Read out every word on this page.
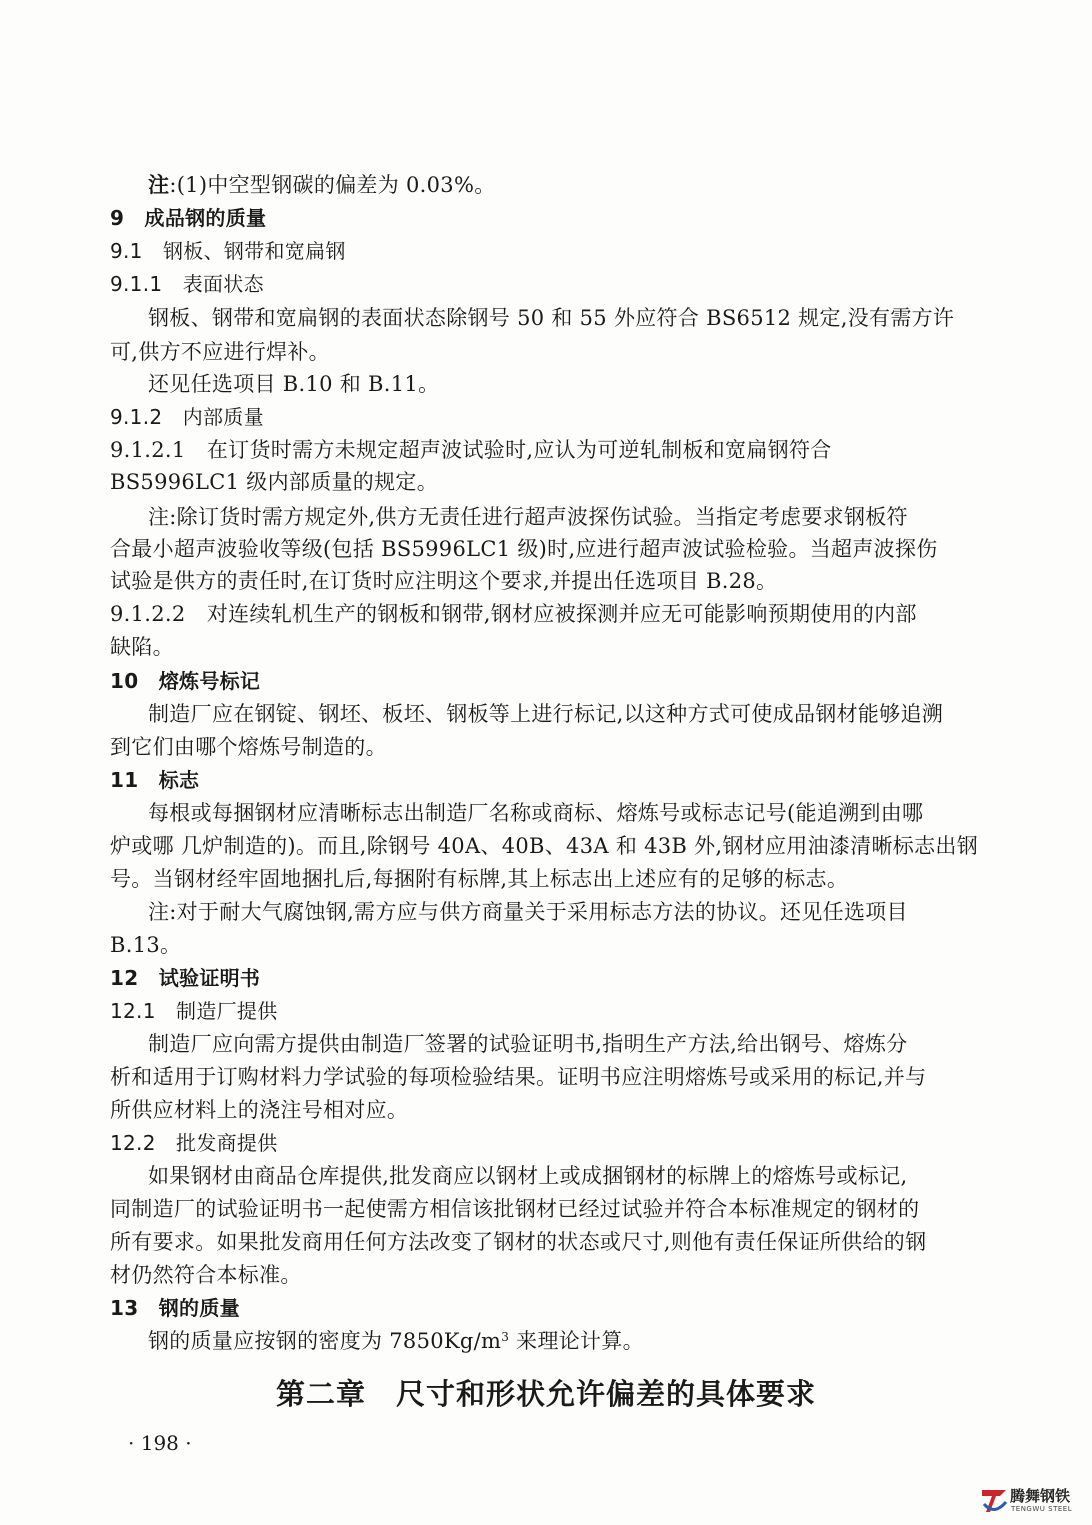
注:(1)中空型钢碳的偏差为 0.03%。
9　成品钢的质量
9.1　钢板、钢带和宽扁钢
9.1.1　表面状态
钢板、钢带和宽扁钢的表面状态除钢号 50 和 55 外应符合 BS6512 规定,没有需方许
可,供方不应进行焊补。
还见任选项目 B.10 和 B.11。
9.1.2　内部质量
9.1.2.1　在订货时需方未规定超声波试验时,应认为可逆轧制板和宽扁钢符合
BS5996LC1 级内部质量的规定。
注:除订货时需方规定外,供方无责任进行超声波探伤试验。当指定考虑要求钢板符
合最小超声波验收等级(包括 BS5996LC1 级)时,应进行超声波试验检验。当超声波探伤
试验是供方的责任时,在订货时应注明这个要求,并提出任选项目 B.28。
9.1.2.2　对连续轧机生产的钢板和钢带,钢材应被探测并应无可能影响预期使用的内部
缺陷。
10　熔炼号标记
制造厂应在钢锭、钢坯、板坯、钢板等上进行标记,以这种方式可使成品钢材能够追溯
到它们由哪个熔炼号制造的。
11　标志
每根或每捆钢材应清晰标志出制造厂名称或商标、熔炼号或标志记号(能追溯到由哪
炉或哪 几炉制造的)。而且,除钢号 40A、40B、43A 和 43B 外,钢材应用油漆清晰标志出钢
号。当钢材经牢固地捆扎后,每捆附有标牌,其上标志出上述应有的足够的标志。
注:对于耐大气腐蚀钢,需方应与供方商量关于采用标志方法的协议。还见任选项目
B.13。
12　试验证明书
12.1　制造厂提供
制造厂应向需方提供由制造厂签署的试验证明书,指明生产方法,给出钢号、熔炼分
析和适用于订购材料力学试验的每项检验结果。证明书应注明熔炼号或采用的标记,并与
所供应材料上的浇注号相对应。
12.2　批发商提供
如果钢材由商品仓库提供,批发商应以钢材上或成捆钢材的标牌上的熔炼号或标记,
同制造厂的试验证明书一起使需方相信该批钢材已经过试验并符合本标准规定的钢材的
所有要求。如果批发商用任何方法改变了钢材的状态或尺寸,则他有责任保证所供给的钢
材仍然符合本标准。
13　钢的质量
钢的质量应按钢的密度为 $7850Kg/m^3$ 来理论计算。
第二章　尺寸和形状允许偏差的具体要求
· 198 ·
腾舞钢铁
TENGWU STEEL
